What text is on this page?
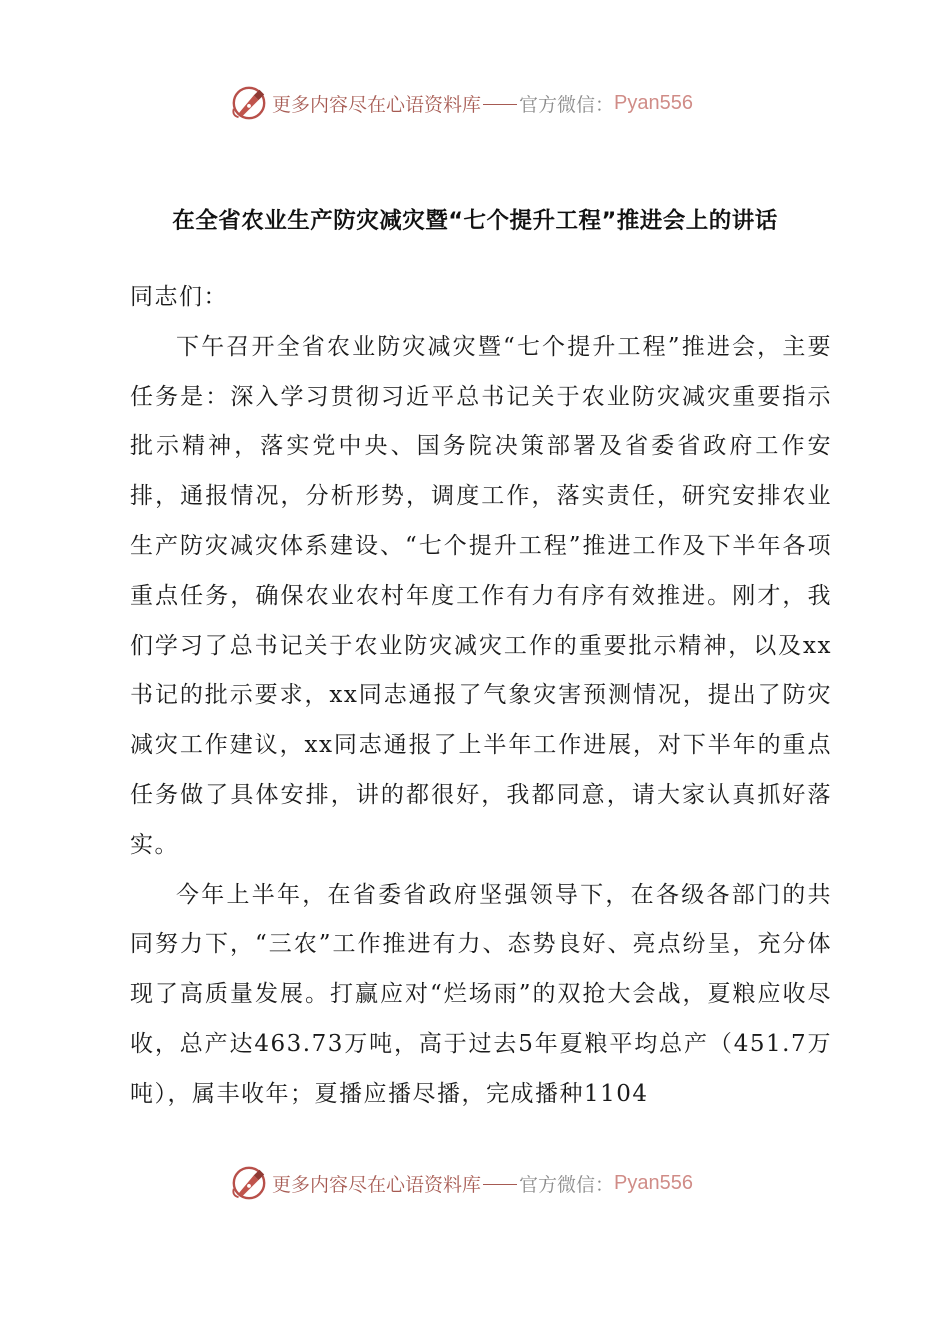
更多内容尽在心语资料库 官方微信： Pyan556
在全省农业生产防灾减灾暨“七个提升工程”推进会上的讲话

同志们：

下午召开全省农业防灾减灾暨“七个提升工程”推进会，主要任务是：深入学习贯彻习近平总书记关于农业防灾减灾重要指示批示精神，落实党中央、国务院决策部署及省委省政府工作安排，通报情况，分析形势，调度工作，落实责任，研究安排农业生产防灾减灾体系建设、“七个提升工程”推进工作及下半年各项重点任务，确保农业农村年度工作有力有序有效推进。刚才，我们学习了总书记关于农业防灾减灾工作的重要批示精神，以及xx书记的批示要求，xx同志通报了气象灾害预测情况，提出了防灾减灾工作建议，xx同志通报了上半年工作进展，对下半年的重点任务做了具体安排，讲的都很好，我都同意，请大家认真抓好落实。

今年上半年，在省委省政府坚强领导下，在各级各部门的共同努力下，“三农”工作推进有力、态势良好、亮点纷呈，充分体现了高质量发展。打赢应对“烂场雨”的双抢大会战，夏粮应收尽收，总产达463.73万吨，高于过去5年夏粮平均总产（451.7万吨），属丰收年；夏播应播尽播，完成播种1104

更多内容尽在心语资料库 官方微信： Pyan556
